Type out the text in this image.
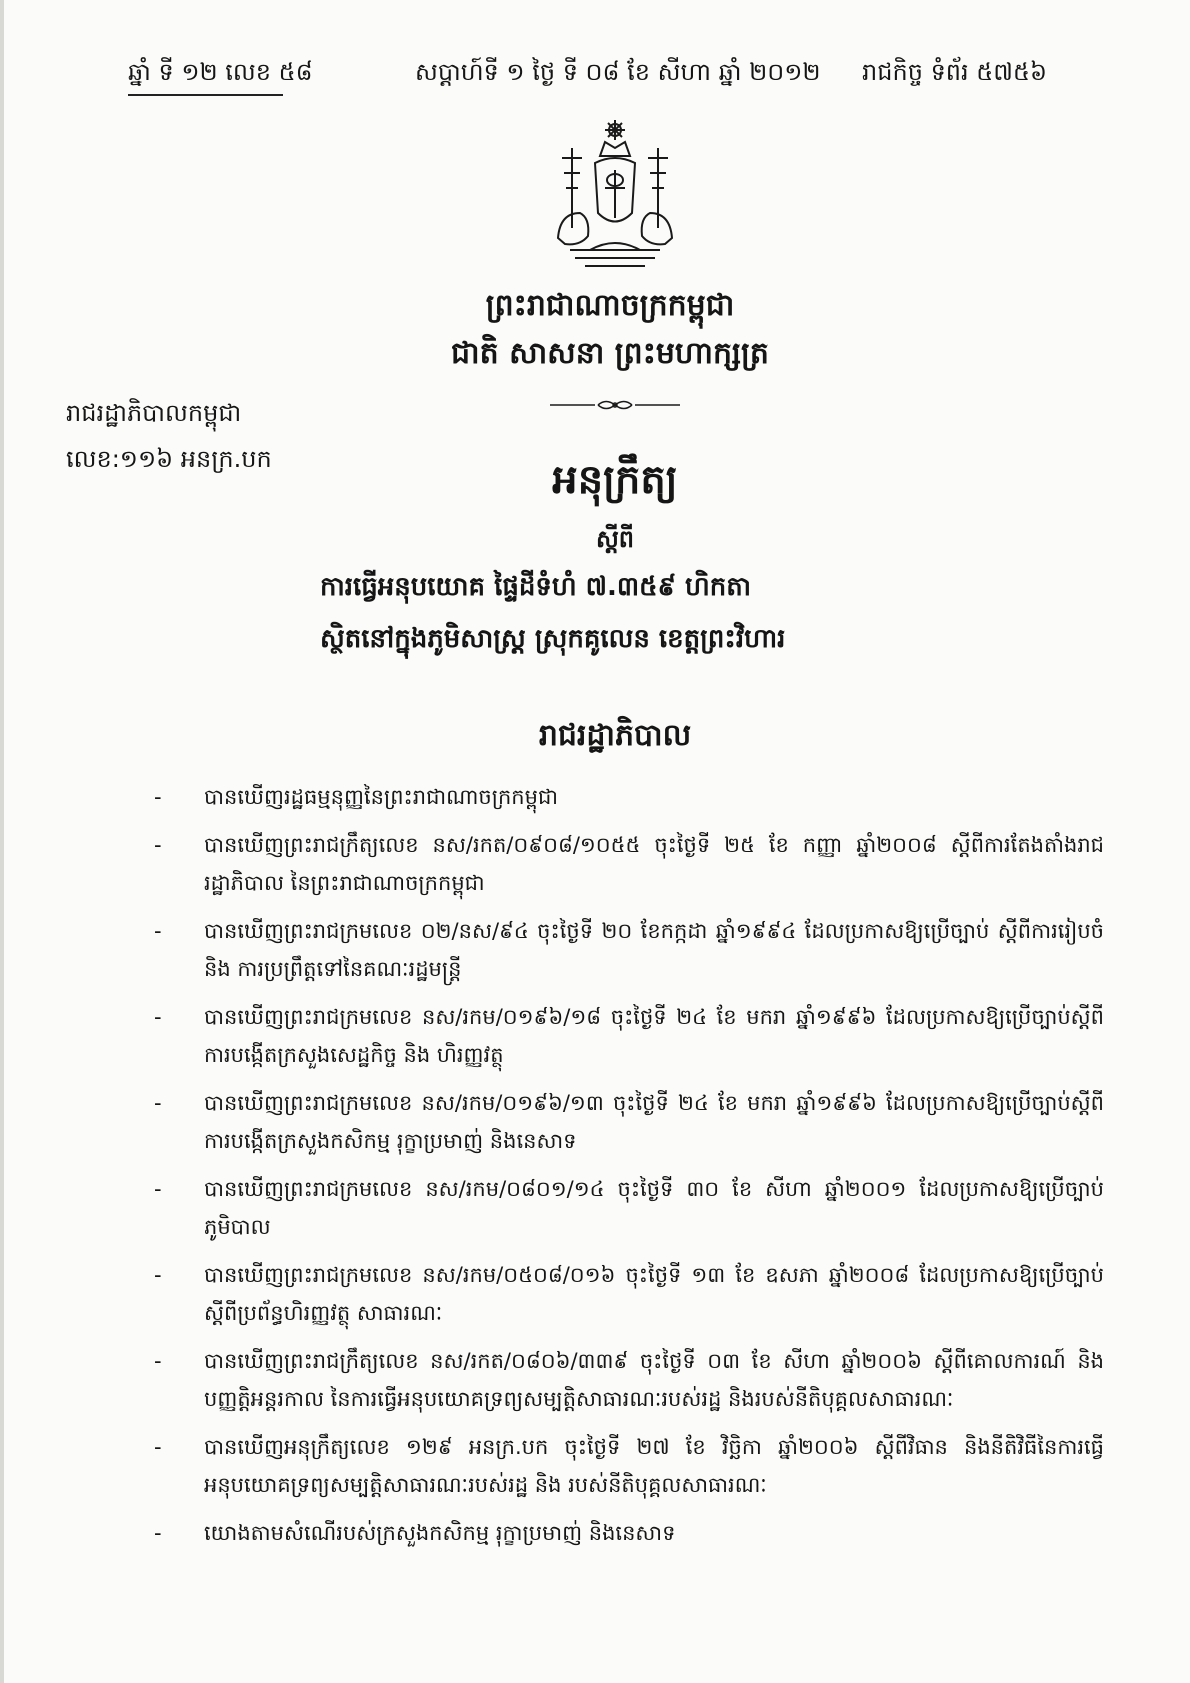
ឆ្នាំ ទី ១២ លេខ ៥៨	សប្តាហ៍ទី ១ ថ្ងៃ ទី ០៨ ខែ សីហា ឆ្នាំ ២០១២ រាជកិច្ច ទំព័រ ៥៧៥៦
ព្រះរាជាណាចក្រកម្ពុជា
ជាតិ សាសនា ព្រះមហាក្សត្រ
រាជរដ្ឋាភិបាលកម្ពុជា
លេខ:១១៦ អនក្រ.បក	អនុក្រឹត្យ
ស្តីពី
ការធ្វើអនុបយោគ ផ្ទៃដីទំហំ ៧.៣៥៩ ហិកតា
ស្ថិតនៅក្នុងភូមិសាស្ត្រ ស្រុកគូលេន ខេត្តព្រះវិហារ
រាជរដ្ឋាភិបាល
-	បានឃើញរដ្ឋធម្មនុញ្ញនៃព្រះរាជាណាចក្រកម្ពុជា
-	បានឃើញព្រះរាជក្រឹត្យលេខ នស/រកត/០៩០៨/១០៥៥ ចុះថ្ងៃទី ២៥ ខែ កញ្ញា ឆ្នាំ២០០៨ ស្តីពីការតែងតាំងរាជរដ្ឋាភិបាល នៃព្រះរាជាណាចក្រកម្ពុជា
-	បានឃើញព្រះរាជក្រមលេខ ០២/នស/៩៤ ចុះថ្ងៃទី ២០ ខែកក្កដា ឆ្នាំ១៩៩៤ ដែលប្រកាសឱ្យប្រើច្បាប់ ស្តីពីការរៀបចំ និង ការប្រព្រឹត្តទៅនៃគណៈរដ្ឋមន្ត្រី
-	បានឃើញព្រះរាជក្រមលេខ នស/រកម/០១៩៦/១៨ ចុះថ្ងៃទី ២៤ ខែ មករា ឆ្នាំ១៩៩៦ ដែលប្រកាសឱ្យប្រើច្បាប់ស្តីពីការបង្កើតក្រសួងសេដ្ឋកិច្ច និង ហិរញ្ញវត្ថុ
-	បានឃើញព្រះរាជក្រមលេខ នស/រកម/០១៩៦/១៣ ចុះថ្ងៃទី ២៤ ខែ មករា ឆ្នាំ១៩៩៦ ដែលប្រកាសឱ្យប្រើច្បាប់ស្តីពីការបង្កើតក្រសួងកសិកម្ម រុក្ខាប្រមាញ់ និងនេសាទ
-	បានឃើញព្រះរាជក្រមលេខ នស/រកម/០៨០១/១៤ ចុះថ្ងៃទី ៣០ ខែ សីហា ឆ្នាំ២០០១ ដែលប្រកាសឱ្យប្រើច្បាប់ភូមិបាល
-	បានឃើញព្រះរាជក្រមលេខ នស/រកម/០៥០៨/០១៦ ចុះថ្ងៃទី ១៣ ខែ ឧសភា ឆ្នាំ២០០៨ ដែលប្រកាសឱ្យប្រើច្បាប់ស្តីពីប្រព័ន្ធហិរញ្ញវត្ថុ សាធារណៈ
-	បានឃើញព្រះរាជក្រឹត្យលេខ នស/រកត/០៨០៦/៣៣៩ ចុះថ្ងៃទី ០៣ ខែ សីហា ឆ្នាំ២០០៦ ស្តីពីគោលការណ៍ និង បញ្ញត្តិអន្តរកាល នៃការធ្វើអនុបយោគទ្រព្យសម្បត្តិសាធារណៈរបស់រដ្ឋ និងរបស់នីតិបុគ្គលសាធារណៈ
-	បានឃើញអនុក្រឹត្យលេខ ១២៩ អនក្រ.បក ចុះថ្ងៃទី ២៧ ខែ វិច្ឆិកា ឆ្នាំ២០០៦ ស្តីពីវិធាន និងនីតិវិធីនៃការធ្វើអនុបយោគទ្រព្យសម្បត្តិសាធារណៈរបស់រដ្ឋ និង របស់នីតិបុគ្គលសាធារណៈ
-	យោងតាមសំណើរបស់ក្រសួងកសិកម្ម រុក្ខាប្រមាញ់ និងនេសាទ
